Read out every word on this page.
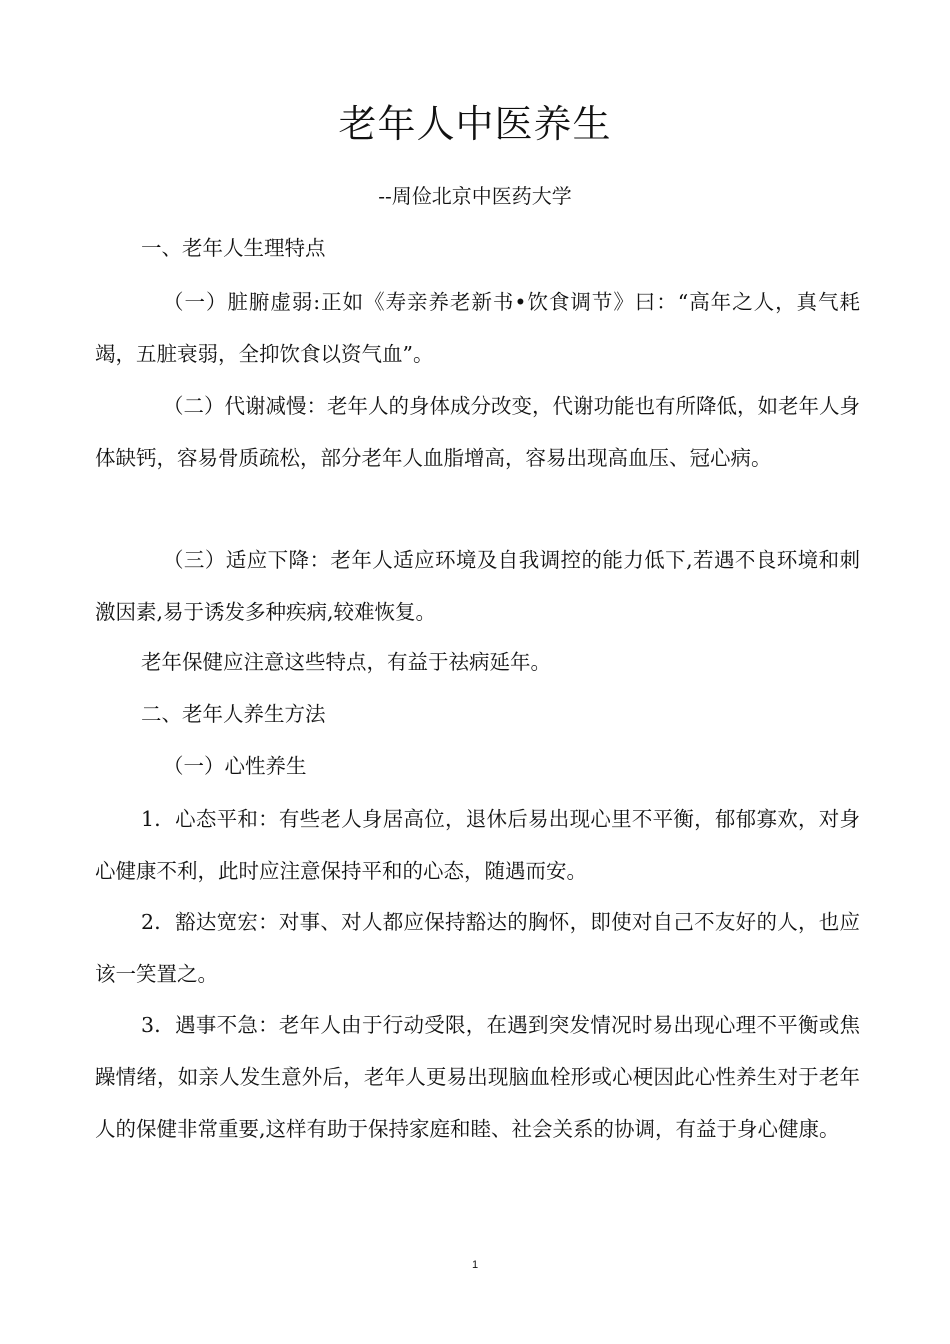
老年人中医养生
--周俭北京中医药大学

一、老年人生理特点

（一）脏腑虚弱:正如《寿亲养老新书•饮食调节》曰：“高年之人，真气耗竭，五脏衰弱，全抑饮食以资气血”。

（二）代谢减慢：老年人的身体成分改变，代谢功能也有所降低，如老年人身体缺钙，容易骨质疏松，部分老年人血脂增高，容易出现高血压、冠心病。

（三）适应下降：老年人适应环境及自我调控的能力低下,若遇不良环境和刺激因素,易于诱发多种疾病,较难恢复。

老年保健应注意这些特点，有益于祛病延年。

二、老年人养生方法

（一）心性养生

1．心态平和：有些老人身居高位，退休后易出现心里不平衡，郁郁寡欢，对身心健康不利，此时应注意保持平和的心态，随遇而安。

2．豁达宽宏：对事、对人都应保持豁达的胸怀，即使对自己不友好的人，也应该一笑置之。

3．遇事不急：老年人由于行动受限，在遇到突发情况时易出现心理不平衡或焦躁情绪，如亲人发生意外后，老年人更易出现脑血栓形或心梗因此心性养生对于老年人的保健非常重要,这样有助于保持家庭和睦、社会关系的协调，有益于身心健康。

1
